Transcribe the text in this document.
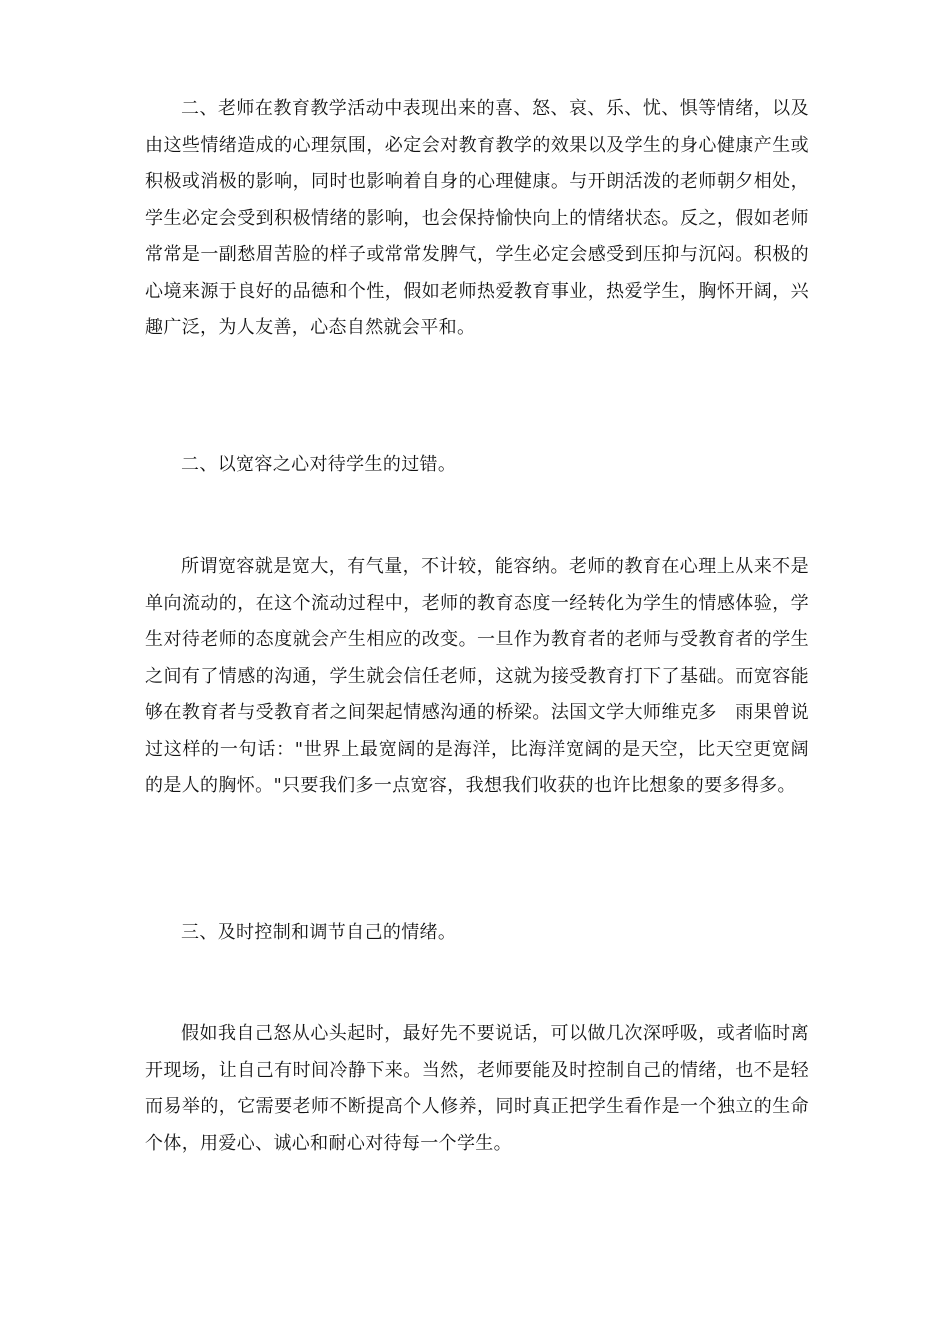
二、老师在教育教学活动中表现出来的喜、怒、哀、乐、忧、惧等情绪，以及由这些情绪造成的心理氛围，必定会对教育教学的效果以及学生的身心健康产生或积极或消极的影响，同时也影响着自身的心理健康。与开朗活泼的老师朝夕相处，学生必定会受到积极情绪的影响，也会保持愉快向上的情绪状态。反之，假如老师常常是一副愁眉苦脸的样子或常常发脾气，学生必定会感受到压抑与沉闷。积极的心境来源于良好的品德和个性，假如老师热爱教育事业，热爱学生，胸怀开阔，兴趣广泛，为人友善，心态自然就会平和。

二、以宽容之心对待学生的过错。

所谓宽容就是宽大，有气量，不计较，能容纳。老师的教育在心理上从来不是单向流动的，在这个流动过程中，老师的教育态度一经转化为学生的情感体验，学生对待老师的态度就会产生相应的改变。一旦作为教育者的老师与受教育者的学生之间有了情感的沟通，学生就会信任老师，这就为接受教育打下了基础。而宽容能够在教育者与受教育者之间架起情感沟通的桥梁。法国文学大师维克多　雨果曾说过这样的一句话："世界上最宽阔的是海洋，比海洋宽阔的是天空，比天空更宽阔的是人的胸怀。"只要我们多一点宽容，我想我们收获的也许比想象的要多得多。

三、及时控制和调节自己的情绪。

假如我自己怒从心头起时，最好先不要说话，可以做几次深呼吸，或者临时离开现场，让自己有时间冷静下来。当然，老师要能及时控制自己的情绪，也不是轻而易举的，它需要老师不断提高个人修养，同时真正把学生看作是一个独立的生命个体，用爱心、诚心和耐心对待每一个学生。
